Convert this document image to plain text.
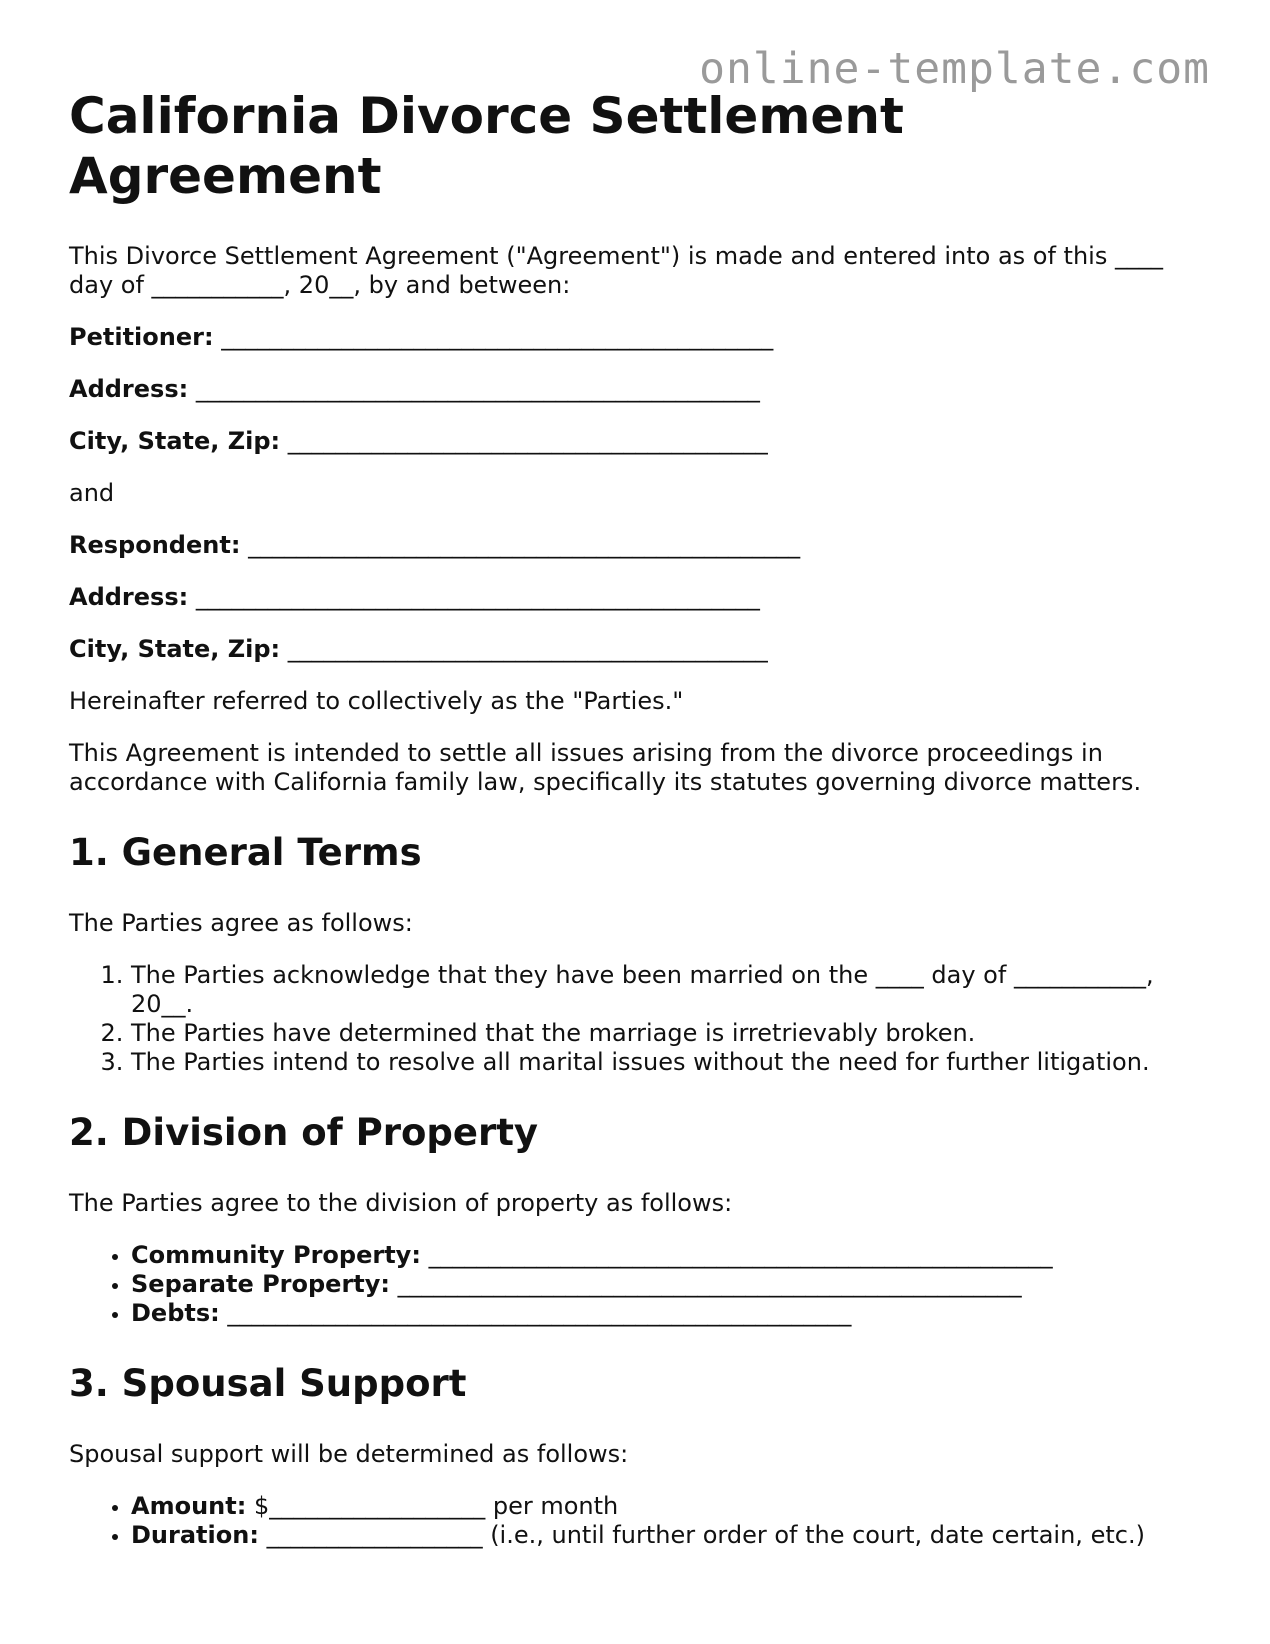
online-template.com
California Divorce Settlement Agreement

This Divorce Settlement Agreement ("Agreement") is made and entered into as of this ____ day of ___________, 20__, by and between:

Petitioner: ______________________________________________
Address: _______________________________________________
City, State, Zip: ________________________________________

and

Respondent: ______________________________________________
Address: _______________________________________________
City, State, Zip: ________________________________________

Hereinafter referred to collectively as the "Parties."

This Agreement is intended to settle all issues arising from the divorce proceedings in accordance with California family law, specifically its statutes governing divorce matters.

1. General Terms

The Parties agree as follows:

1. The Parties acknowledge that they have been married on the ____ day of ___________, 20__.
2. The Parties have determined that the marriage is irretrievably broken.
3. The Parties intend to resolve all marital issues without the need for further litigation.
2. Division of Property

The Parties agree to the division of property as follows:

• Community Property: ____________________________________________________
• Separate Property: ____________________________________________________
• Debts: ____________________________________________________
3. Spousal Support

Spousal support will be determined as follows:

• Amount: $__________________ per month
• Duration: __________________ (i.e., until further order of the court, date certain, etc.)
